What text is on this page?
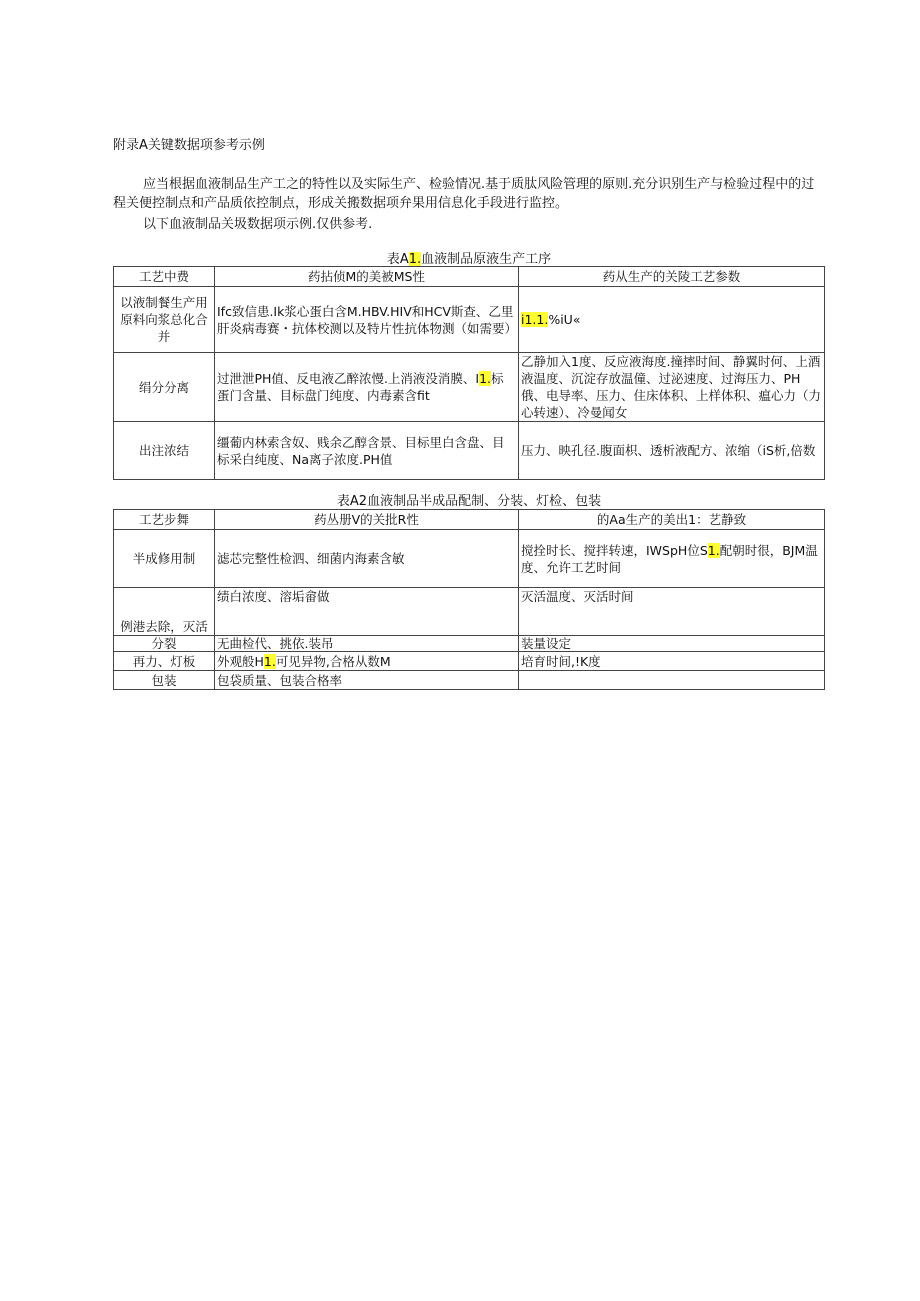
附录A关键数据项参考示例
应当根据血液制品生产工之的特性以及实际生产、检验情况.基于质肽风险管理的原则.充分识别生产与检验过程中的过程关便控制点和产品质依控制点，形成关搬数据项弁果用信息化手段进行监控。
以下血液制品关圾数据项示例.仅供参考.
表A1.血液制品原液生产工序
工艺中费	药拈侦M的美被MS性	药从生产的关陵工艺参数
以液制餐生产用原料向浆总化合并	Ifc致信患.Ik浆心蛋白含M.HBV.HIV和HCV斯查、乙里肝炎病毒赛・抗体校测以及特片性抗体物测（如需要）	i1.1.%iU«
绢分分离	过泄泄PH值、反电液乙醉浓慢.上消液没消膜、I1.标蛋门含量、目标盘门纯度、内毒素含fit	乙静加入1度、反应液海度.撞摔时间、静翼时何、上酒液温度、沉淀存放温僮、过泌速度、过海压力、PH俄、电导率、压力、住床体积、上样体积、瘟心力（力心转速）、冷曼闻女
出注浓结	缰葡内林索含奴、贱余乙醇含景、目标里白含盘、目标采白纯度、Na离子浓度.PH值	压力、映孔径.腹面枳、透析液配方、浓缩（iS析,倍数
表A2血液制品半成品配制、分装、灯检、包装
工艺步舞	药丛册V的关批R性	的Aa生产的美出1：艺静致
半成修用制	滤芯完整性检泗、细菌内海素含敏	搅拴时长、搅拌转速，IWSpH位S1.配朝时很，BJM温度、允许工艺时间
例港去除，灭活	绩白浓度、溶垢畲做	灭活温度、灭活时间
分裂	无曲检代、挑依.装吊	装量设定
再力、灯板	外观般H1.可见异物,合格从数M	培育时间,!K度
包装	包袋质量、包装合格率	
